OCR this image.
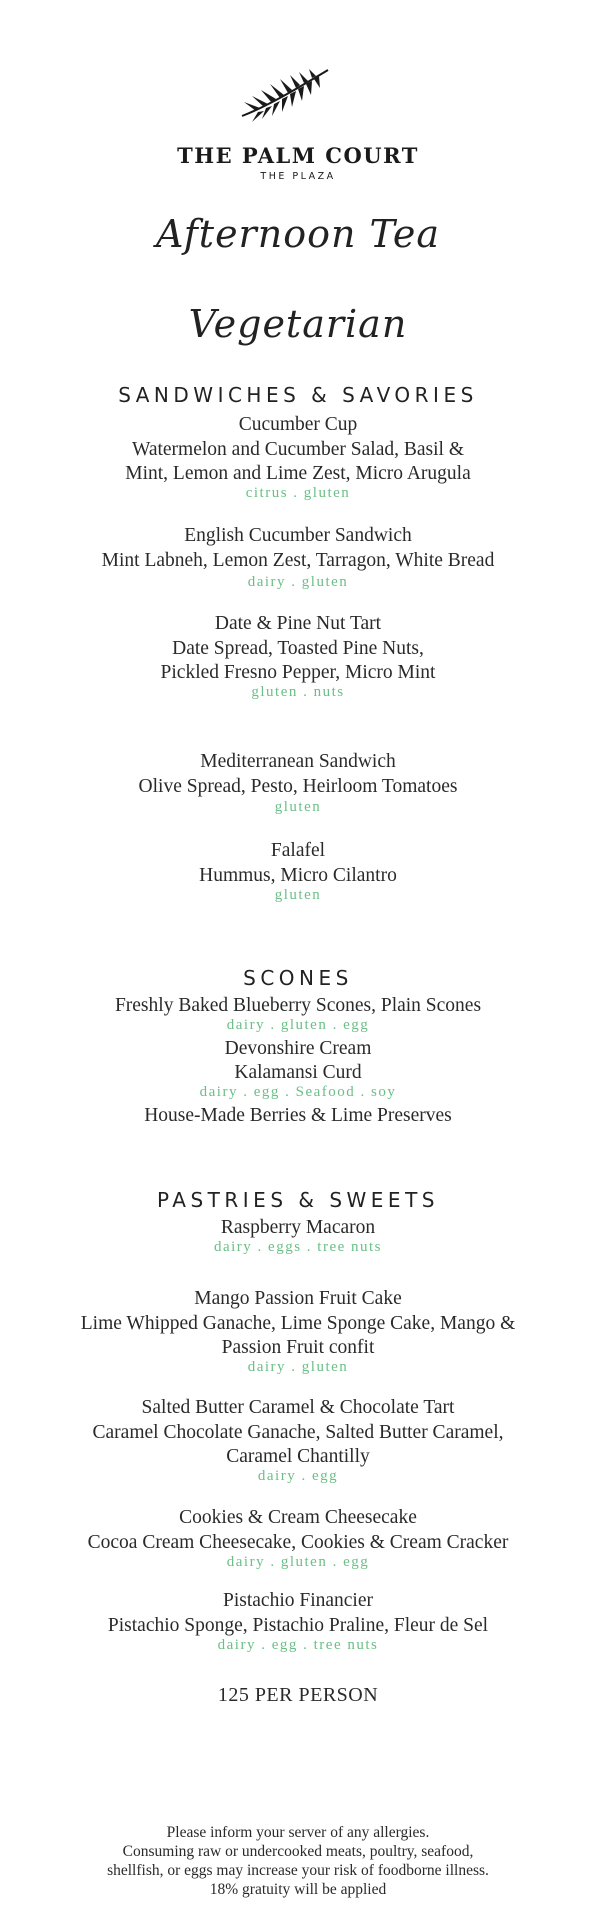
THE PALM COURT
THE PLAZA
Afternoon Tea
Vegetarian
SANDWICHES & SAVORIES
Cucumber Cup
Watermelon and Cucumber Salad, Basil &
Mint, Lemon and Lime Zest, Micro Arugula
citrus . gluten
English Cucumber Sandwich
Mint Labneh, Lemon Zest, Tarragon, White Bread
dairy . gluten
Date & Pine Nut Tart
Date Spread, Toasted Pine Nuts,
Pickled Fresno Pepper, Micro Mint
gluten . nuts
Mediterranean Sandwich
Olive Spread, Pesto, Heirloom Tomatoes
gluten
Falafel
Hummus, Micro Cilantro
gluten
SCONES
Freshly Baked Blueberry Scones, Plain Scones
dairy . gluten . egg
Devonshire Cream
Kalamansi Curd
dairy . egg . Seafood . soy
House-Made Berries & Lime Preserves
PASTRIES & SWEETS
Raspberry Macaron
dairy . eggs . tree nuts
Mango Passion Fruit Cake
Lime Whipped Ganache, Lime Sponge Cake, Mango &
Passion Fruit confit
dairy . gluten
Salted Butter Caramel & Chocolate Tart
Caramel Chocolate Ganache, Salted Butter Caramel,
Caramel Chantilly
dairy . egg
Cookies & Cream Cheesecake
Cocoa Cream Cheesecake, Cookies & Cream Cracker
dairy . gluten . egg
Pistachio Financier
Pistachio Sponge, Pistachio Praline, Fleur de Sel
dairy . egg . tree nuts
125 PER PERSON
Please inform your server of any allergies.
Consuming raw or undercooked meats, poultry, seafood,
shellfish, or eggs may increase your risk of foodborne illness.
18% gratuity will be applied
